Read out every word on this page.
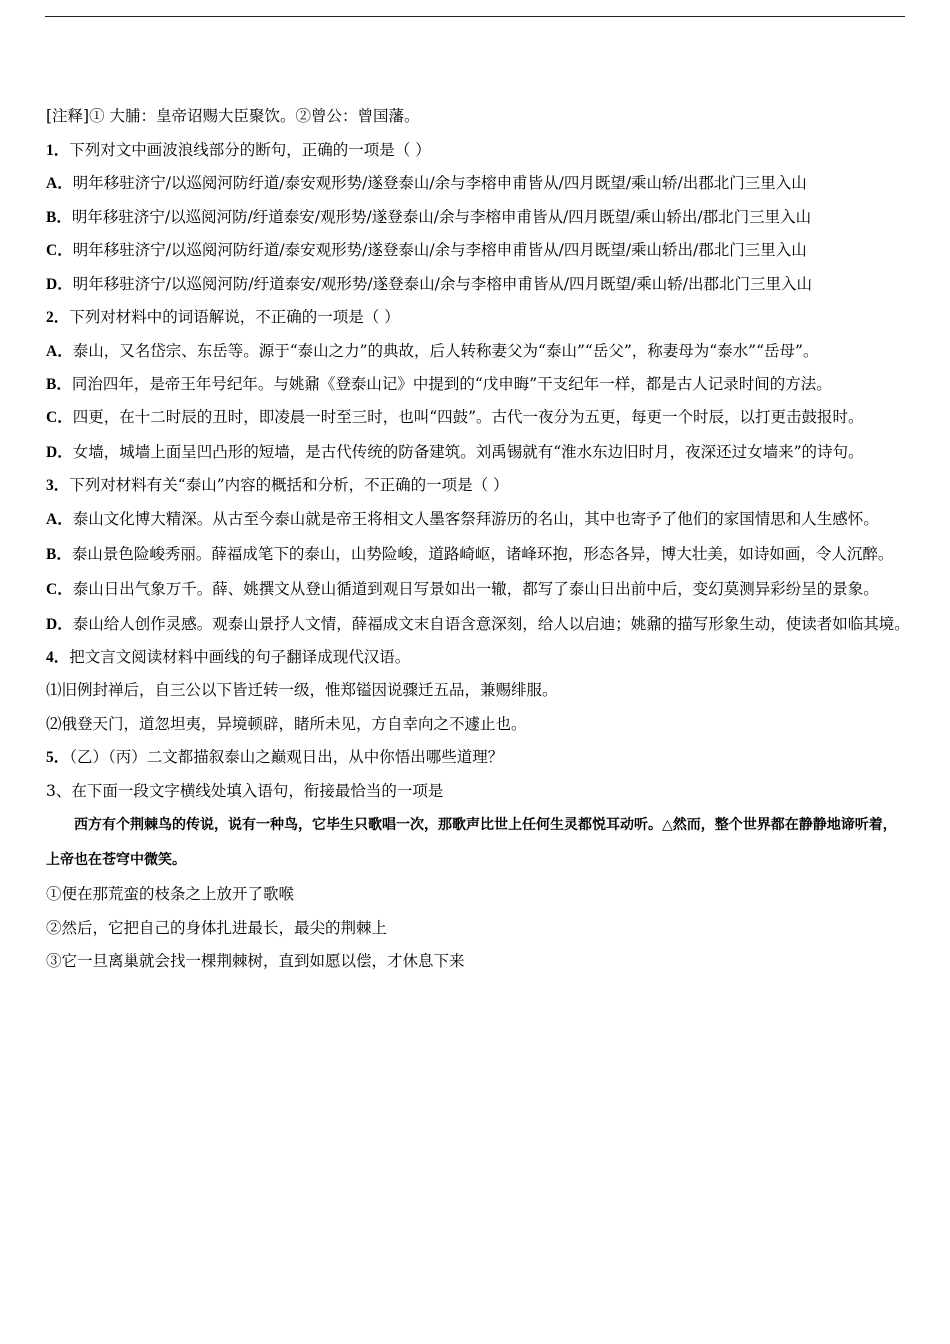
[注释]① 大脯：皇帝诏赐大臣聚饮。②曾公：曾国藩。
1．下列对文中画波浪线部分的断句，正确的一项是（ ）
A．明年移驻济宁/以巡阅河防纡道/泰安观形势/遂登泰山/余与李榕申甫皆从/四月既望/乘山轿/出郡北门三里入山
B．明年移驻济宁/以巡阅河防/纡道泰安/观形势/遂登泰山/余与李榕申甫皆从/四月既望/乘山轿出/郡北门三里入山
C．明年移驻济宁/以巡阅河防纡道/泰安观形势/遂登泰山/余与李榕申甫皆从/四月既望/乘山轿出/郡北门三里入山
D．明年移驻济宁/以巡阅河防/纡道泰安/观形势/遂登泰山/余与李榕申甫皆从/四月既望/乘山轿/出郡北门三里入山
2．下列对材料中的词语解说，不正确的一项是（ ）
A．泰山，又名岱宗、东岳等。源于“泰山之力”的典故，后人转称妻父为“泰山”“岳父”，称妻母为“泰水”“岳母”。
B．同治四年，是帝王年号纪年。与姚鼐《登泰山记》中提到的“戊申晦”干支纪年一样，都是古人记录时间的方法。
C．四更，在十二时辰的丑时，即凌晨一时至三时，也叫“四鼓”。古代一夜分为五更，每更一个时辰，以打更击鼓报时。
D．女墙，城墙上面呈凹凸形的短墙，是古代传统的防备建筑。刘禹锡就有“淮水东边旧时月，夜深还过女墙来”的诗句。
3．下列对材料有关“泰山”内容的概括和分析，不正确的一项是（ ）
A．泰山文化博大精深。从古至今泰山就是帝王将相文人墨客祭拜游历的名山，其中也寄予了他们的家国情思和人生感怀。
B．泰山景色险峻秀丽。薛福成笔下的泰山，山势险峻，道路崎岖，诸峰环抱，形态各异，博大壮美，如诗如画，令人沉醉。
C．泰山日出气象万千。薛、姚撰文从登山循道到观日写景如出一辙，都写了泰山日出前中后，变幻莫测异彩纷呈的景象。
D．泰山给人创作灵感。观泰山景抒人文情，薛福成文末自语含意深刻，给人以启迪；姚鼐的描写形象生动，使读者如临其境。
4．把文言文阅读材料中画线的句子翻译成现代汉语。
⑴旧例封禅后，自三公以下皆迁转一级，惟郑镒因说骤迁五品，兼赐绯服。
⑵俄登天门，道忽坦夷，异境顿辟，睹所未见，方自幸向之不遽止也。
5．（乙）（丙）二文都描叙泰山之巅观日出，从中你悟出哪些道理？
3、在下面一段文字横线处填入语句，衔接最恰当的一项是
西方有个荆棘鸟的传说，说有一种鸟，它毕生只歌唱一次，那歌声比世上任何生灵都悦耳动听。△然而，整个世界都在静静地谛听着，上帝也在苍穹中微笑。
①便在那荒蛮的枝条之上放开了歌喉
②然后，它把自己的身体扎进最长，最尖的荆棘上
③它一旦离巢就会找一棵荆棘树，直到如愿以偿，才休息下来
